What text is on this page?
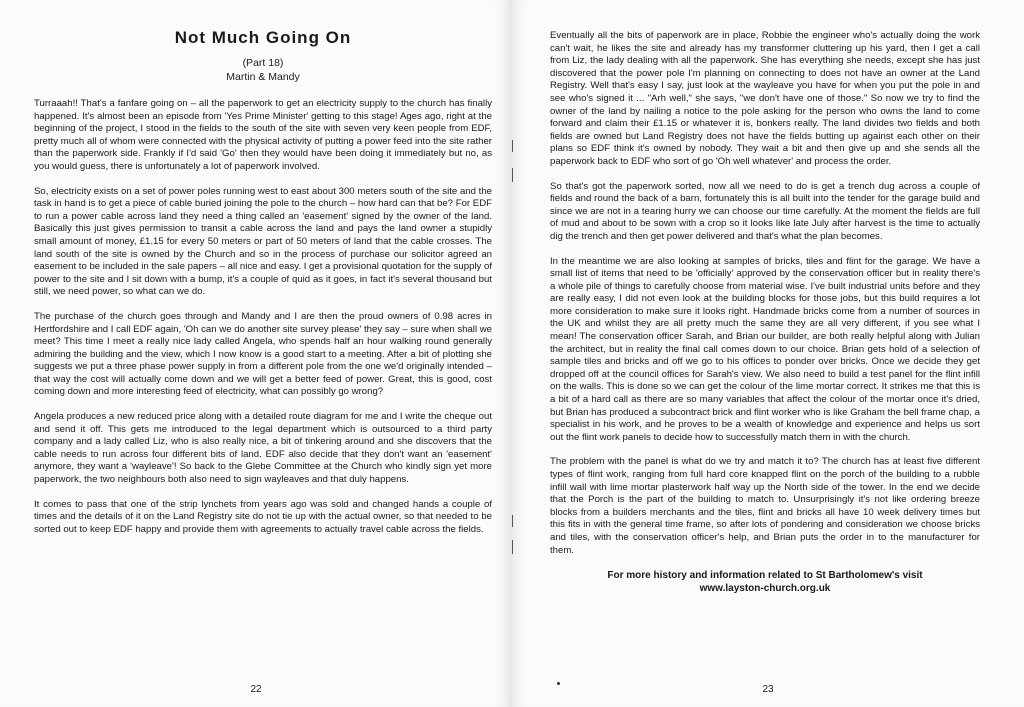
Not Much Going On

(Part 18)

Martin & Mandy

Turraaah!! That's a fanfare going on – all the paperwork to get an electricity supply to the church has finally happened. It's almost been an episode from 'Yes Prime Minister' getting to this stage! Ages ago, right at the beginning of the project, I stood in the fields to the south of the site with seven very keen people from EDF, pretty much all of whom were connected with the physical activity of putting a power feed into the site rather than the paperwork side. Frankly if I'd said 'Go' then they would have been doing it immediately but no, as you would guess, there is unfortunately a lot of paperwork involved.

So, electricity exists on a set of power poles running west to east about 300 meters south of the site and the task in hand is to get a piece of cable buried joining the pole to the church – how hard can that be? For EDF to run a power cable across land they need a thing called an 'easement' signed by the owner of the land. Basically this just gives permission to transit a cable across the land and pays the land owner a stupidly small amount of money, £1.15 for every 50 meters or part of 50 meters of land that the cable crosses. The land south of the site is owned by the Church and so in the process of purchase our solicitor agreed an easement to be included in the sale papers – all nice and easy. I get a provisional quotation for the supply of power to the site and I sit down with a bump, it's a couple of quid as it goes, in fact it's several thousand but still, we need power, so what can we do.

The purchase of the church goes through and Mandy and I are then the proud owners of 0.98 acres in Hertfordshire and I call EDF again, 'Oh can we do another site survey please' they say – sure when shall we meet? This time I meet a really nice lady called Angela, who spends half an hour walking round generally admiring the building and the view, which I now know is a good start to a meeting. After a bit of plotting she suggests we put a three phase power supply in from a different pole from the one we'd originally intended – that way the cost will actually come down and we will get a better feed of power. Great, this is good, cost coming down and more interesting feed of electricity, what can possibly go wrong?

Angela produces a new reduced price along with a detailed route diagram for me and I write the cheque out and send it off. This gets me introduced to the legal department which is outsourced to a third party company and a lady called Liz, who is also really nice, a bit of tinkering around and she discovers that the cable needs to run across four different bits of land. EDF also decide that they don't want an 'easement' anymore, they want a 'wayleave'! So back to the Glebe Committee at the Church who kindly sign yet more paperwork, the two neighbours both also need to sign wayleaves and that duly happens.

It comes to pass that one of the strip lynchets from years ago was sold and changed hands a couple of times and the details of it on the Land Registry site do not tie up with the actual owner, so that needed to be sorted out to keep EDF happy and provide them with agreements to actually travel cable across the fields.

22

Eventually all the bits of paperwork are in place, Robbie the engineer who's actually doing the work can't wait, he likes the site and already has my transformer cluttering up his yard, then I get a call from Liz, the lady dealing with all the paperwork. She has everything she needs, except she has just discovered that the power pole I'm planning on connecting to does not have an owner at the Land Registry. Well that's easy I say, just look at the wayleave you have for when you put the pole in and see who's signed it ... "Arh well," she says, "we don't have one of those." So now we try to find the owner of the land by nailing a notice to the pole asking for the person who owns the land to come forward and claim their £1.15 or whatever it is, bonkers really. The land divides two fields and both fields are owned but Land Registry does not have the fields butting up against each other on their plans so EDF think it's owned by nobody. They wait a bit and then give up and she sends all the paperwork back to EDF who sort of go 'Oh well whatever' and process the order.

So that's got the paperwork sorted, now all we need to do is get a trench dug across a couple of fields and round the back of a barn, fortunately this is all built into the tender for the garage build and since we are not in a tearing hurry we can choose our time carefully. At the moment the fields are full of mud and about to be sown with a crop so it looks like late July after harvest is the time to actually dig the trench and then get power delivered and that's what the plan becomes.

In the meantime we are also looking at samples of bricks, tiles and flint for the garage. We have a small list of items that need to be 'officially' approved by the conservation officer but in reality there's a whole pile of things to carefully choose from material wise. I've built industrial units before and they are really easy, I did not even look at the building blocks for those jobs, but this build requires a lot more consideration to make sure it looks right. Handmade bricks come from a number of sources in the UK and whilst they are all pretty much the same they are all very different, if you see what I mean! The conservation officer Sarah, and Brian our builder, are both really helpful along with Julian the architect, but in reality the final call comes down to our choice. Brian gets hold of a selection of sample tiles and bricks and off we go to his offices to ponder over bricks. Once we decide they get dropped off at the council offices for Sarah's view. We also need to build a test panel for the flint infill on the walls. This is done so we can get the colour of the lime mortar correct. It strikes me that this is a bit of a hard call as there are so many variables that affect the colour of the mortar once it's dried, but Brian has produced a subcontract brick and flint worker who is like Graham the bell frame chap, a specialist in his work, and he proves to be a wealth of knowledge and experience and helps us sort out the flint work panels to decide how to successfully match them in with the church.

The problem with the panel is what do we try and match it to? The church has at least five different types of flint work, ranging from full hard core knapped flint on the porch of the building to a rubble infill wall with lime mortar plasterwork half way up the North side of the tower. In the end we decide that the Porch is the part of the building to match to. Unsurprisingly it's not like ordering breeze blocks from a builders merchants and the tiles, flint and bricks all have 10 week delivery times but this fits in with the general time frame, so after lots of pondering and consideration we choose bricks and tiles, with the conservation officer's help, and Brian puts the order in to the manufacturer for them.

For more history and information related to St Bartholomew's visit
www.layston-church.org.uk
23
